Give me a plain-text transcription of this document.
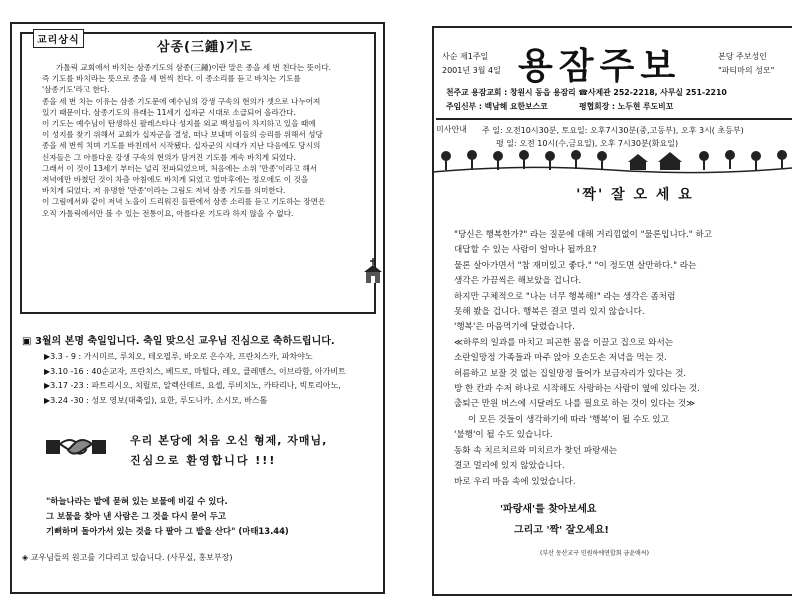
교리상식	삼종(三鍾)기도

가톨릭 교회에서 바치는 삼종기도의 삼종(三鍾)이란 말은 종을 세 번 친다는 뜻이다.

즉 기도를 바치라는 뜻으로 종을 세 번씩 친다. 이 종소리를 듣고 바치는 기도를

'삼종기도'라고 한다.

종을 세 번 치는 이유는 삼종 기도문에 예수님의 강생 구속의 현의가 셋으로 나누어져

있기 때문이다. 삼종기도의 유래는 11세기 십자군 시대로 소급되어 올라간다.

이 기도는 예수님이 탄생하신 팔레스타나 성지를 외교 백성들이 차지하고 있을 때에

이 성지를 찾기 위해서 교회가 십자군을 결성, 떠나 보내며 이들의 승리를 위해서 성당

종을 세 번씩 치며 기도를 바친데서 시작됐다. 십자군의 시대가 지난 다음에도 당시의

신자들은 그 아름다운 강생 구속의 현의가 담겨진 기도를 계속 바치게 되었다.

그래서 이 것이 13세기 부터는 널리 전파되었으며, 처음에는 소위 '만종'이라고 해서

저녁에만 바쳤던 것이 차츰 아침에도 바치게 되었고 얼마후에는 정오에도 이 것을

바치게 되었다. 저 유명한 '만종'이라는 그림도 저녁 삼종 기도를 의미한다.

이 그림에서와 같이 저녁 노을이 드리워진 들판에서 삼종 소리를 듣고 기도하는 장면은

오직 가톨릭에서만 볼 수 있는 전통이요, 아름다운 기도라 하지 않을 수 없다.

▣ 3월의 본명 축일입니다. 축일 맞으신 교우님 진심으로 축하드립니다.
▶3.3 - 9 : 가시미르, 루치오, 테오필루, 바오로 은수자, 프란치스카, 파차야노
▶3.10 -16 : 40순교자, 프란치스, 베드로, 마틸다, 레오, 클레멘스, 이브라함, 아가비트
▶3.17 -23 : 파트리시오, 치릴로, 알렉산데르, 요셉, 루비치노, 카타리나, 빅토리아노,
▶3.24 -30 : 성모 영보(대축일), 요한, 루도니카, 소시모, 바스톨
우리 본당에 처음 오신 형제, 자매님,
진심으로 환영합니다 !!!
"하늘나라는 밭에 묻혀 있는 보물에 비길 수 있다.
그 보물을 찾아 낸 사람은 그 것을 다시 묻어 두고
기뻐하며 돌아가서 있는 것을 다 팔아 그 밭을 산다" (마태13.44)
◈ 교우님들의 원고를 기다리고 있습니다. (사무실, 홍보부장)
사순 제1주일
2001년 3월 4일 용잠주보	본당 주보성인
"파티마의 성모"
천주교 용잠교회 : 창원시 동읍 용잠리 ☎사제관 252-2218, 사무실 251-2210
주임신부 : 백남해 요한보스코	평협회장 : 노두현 루도비꼬
미사안내 주 일: 오전10시30분, 토요일: 오후7시30분(중,고등부), 오후 3시( 초등부)
평 일: 오전 10시(수,금요일), 오후 7시30분(화요일)
'짝' 잘 오 세 요

"당신은 행복한가?" 라는 질문에 대해 거리낌없이 "물론입니다." 하고

대답할 수 있는 사람이 얼마나 될까요?

물론 살아가면서 "참 재미있고 좋다." "이 정도면 살만하다." 라는

생각은 가끔씩은 해보았을 겁니다.

하지만 구체적으로 "나는 너무 행복해!" 라는 생각은 좀처럼

못해 봤을 겁니다. 행복은 결코 멀리 있지 않습니다.

'행복'은 마음먹기에 달렸습니다.

≪하루의 일과를 마치고 피곤한 몸을 이끌고 집으로 와서는

소란일망정 가족들과 마주 앉아 오손도손 저녁을 먹는 것.

허름하고 보잘 것 없는 집일망정 들어가 보금자리가 있다는 것.

방 한 칸과 수저 하나로 시작해도 사랑하는 사람이 옆에 있다는 것.

출퇴근 만원 버스에 시달려도 나를 필요로 하는 것이 있다는 것≫

이 모든 것들이 생각하기에 따라 '행복'이 될 수도 있고

'불행'이 될 수도 있습니다.

동화 속 치르치르와 미치르가 찾던 파랑새는

결코 멀리에 있지 않았습니다.

바로 우리 마음 속에 있었습니다.

'파랑새'를 찾아보세요
그리고 '짝' 잘오세요!
(부산 동산교구 민원하에연합회 금윤애씨)
